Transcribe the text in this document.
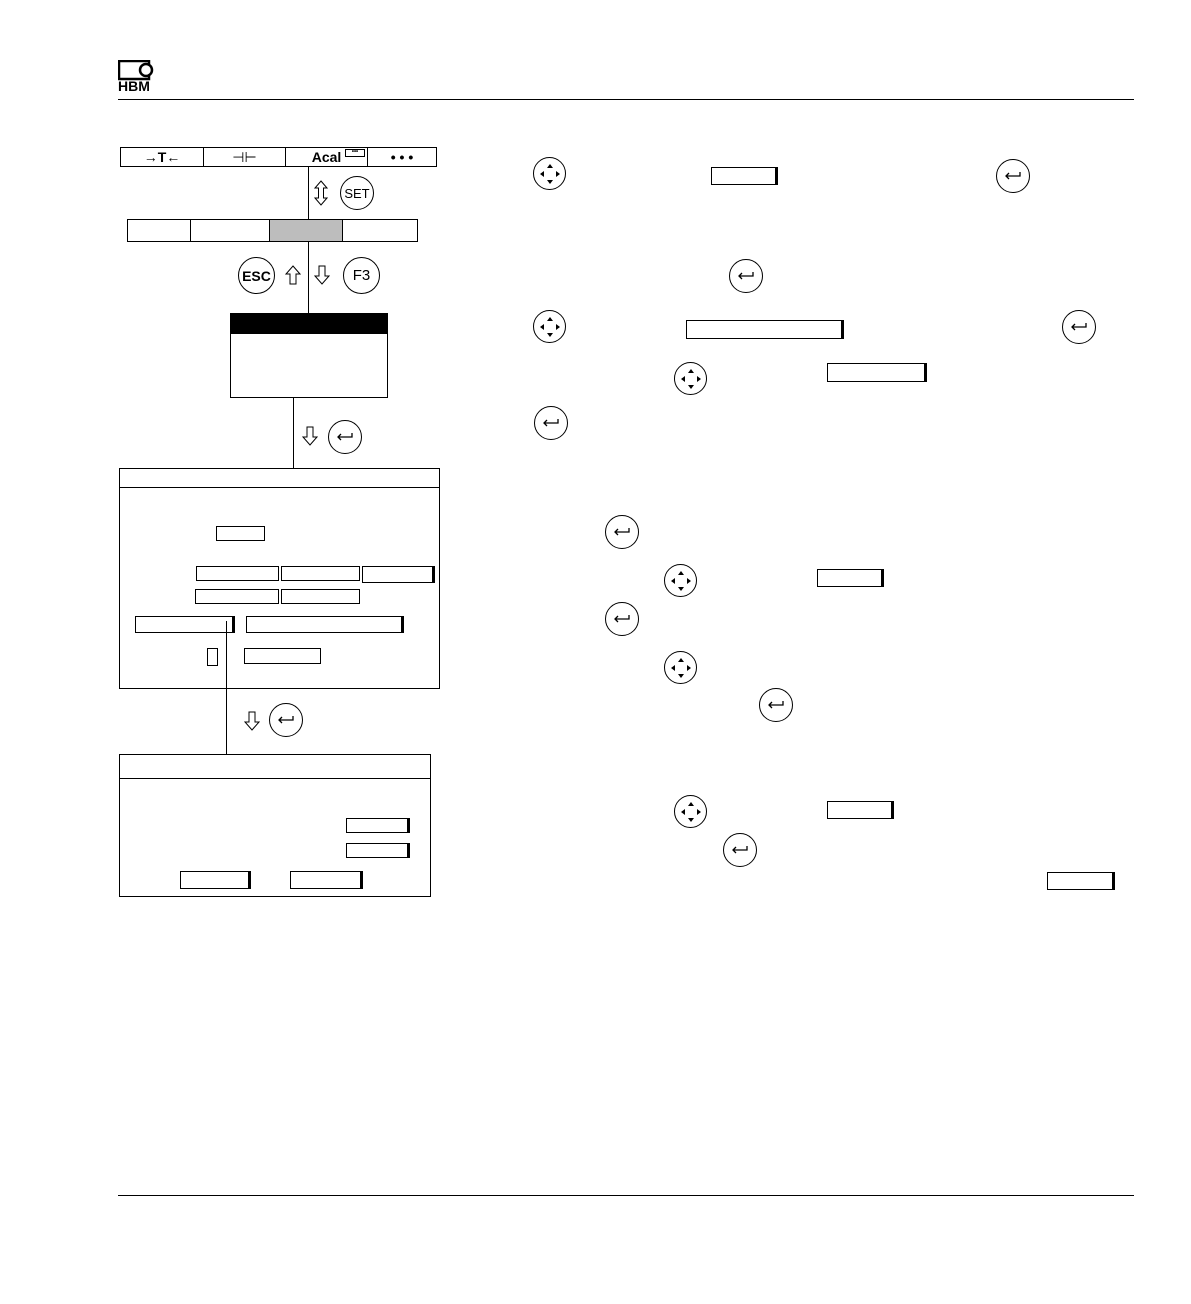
HBM
→T←	⊣⊢	Acal	•••	• • •
SET
ESC	F3
